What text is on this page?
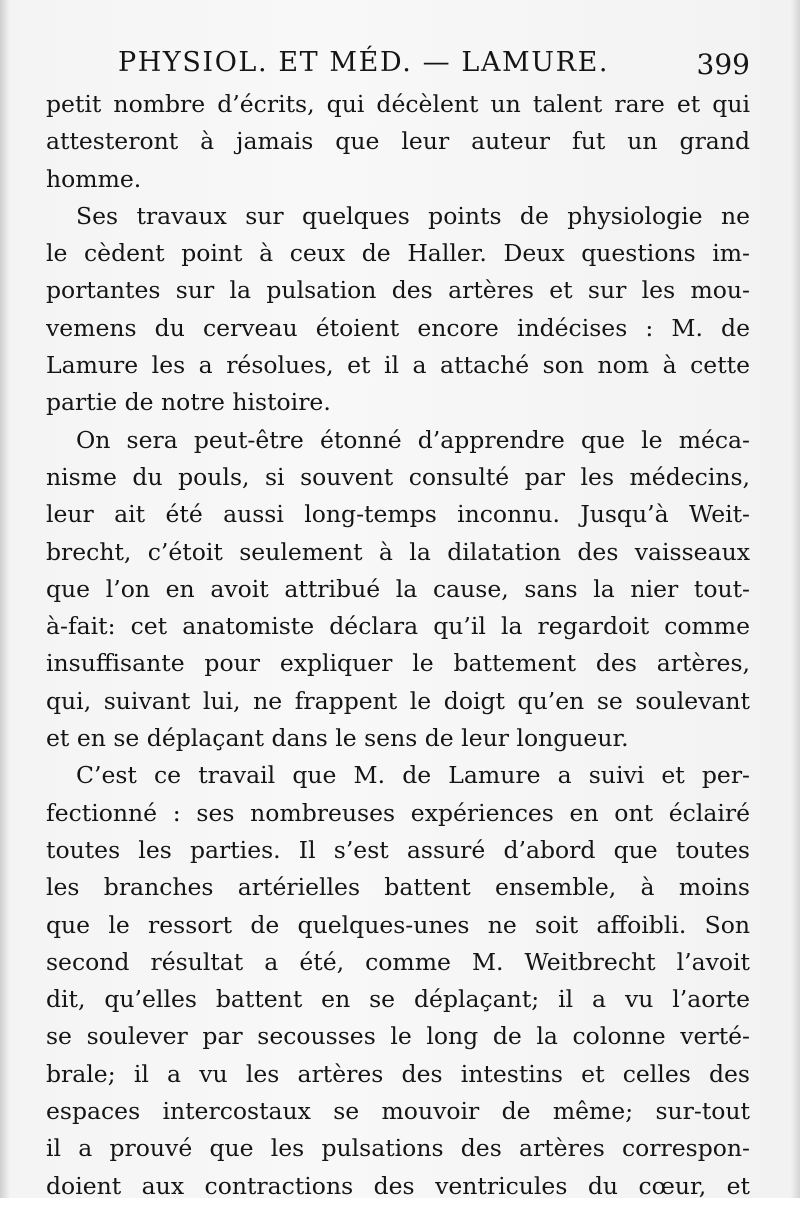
PHYSIOL. ET MÉD. — LAMURE.	399
petit nombre d’écrits, qui décèlent un talent rare et qui
attesteront à jamais que leur auteur fut un grand
homme.
Ses travaux sur quelques points de physiologie ne
le cèdent point à ceux de Haller. Deux questions im-
portantes sur la pulsation des artères et sur les mou-
vemens du cerveau étoient encore indécises : M. de
Lamure les a résolues, et il a attaché son nom à cette
partie de notre histoire.
On sera peut-être étonné d’apprendre que le méca-
nisme du pouls, si souvent consulté par les médecins,
leur ait été aussi long-temps inconnu. Jusqu’à Weit-
brecht, c’étoit seulement à la dilatation des vaisseaux
que l’on en avoit attribué la cause, sans la nier tout-
à-fait: cet anatomiste déclara qu’il la regardoit comme
insuffisante pour expliquer le battement des artères,
qui, suivant lui, ne frappent le doigt qu’en se soulevant
et en se déplaçant dans le sens de leur longueur.
C’est ce travail que M. de Lamure a suivi et per-
fectionné : ses nombreuses expériences en ont éclairé
toutes les parties. Il s’est assuré d’abord que toutes
les branches artérielles battent ensemble, à moins
que le ressort de quelques-unes ne soit affoibli. Son
second résultat a été, comme M. Weitbrecht l’avoit
dit, qu’elles battent en se déplaçant; il a vu l’aorte
se soulever par secousses le long de la colonne verté-
brale; il a vu les artères des intestins et celles des
espaces intercostaux se mouvoir de même; sur-tout
il a prouvé que les pulsations des artères correspon-
doient aux contractions des ventricules du cœur, et
